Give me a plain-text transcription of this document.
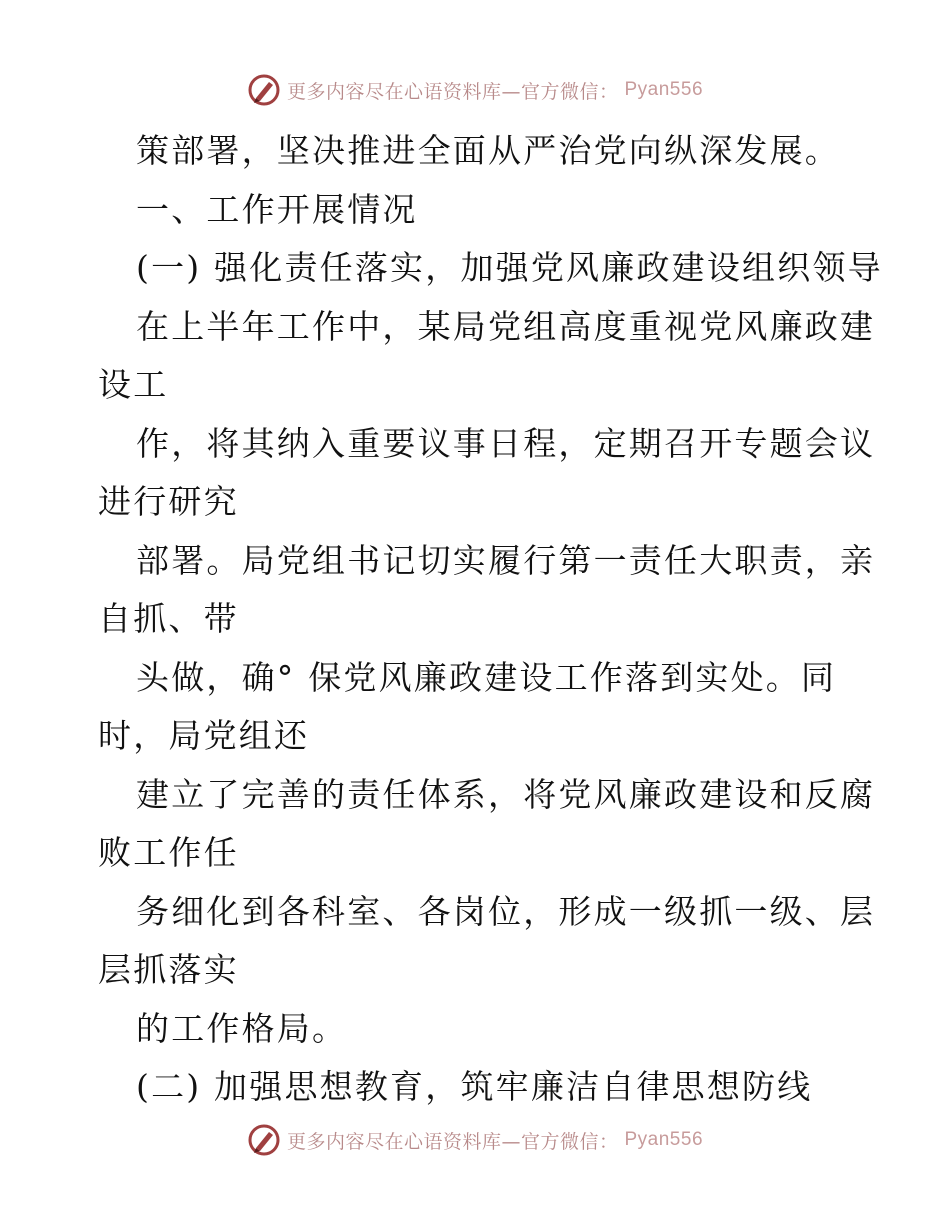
更多内容尽在心语资料库—官方微信： Pyan556
策部署，坚决推进全面从严治党向纵深发展。
一、工作开展情况
(一) 强化责任落实，加强党风廉政建设组织领导
在上半年工作中，某局党组高度重视党风廉政建
设工
作，将其纳入重要议事日程，定期召开专题会议
进行研究
部署。局党组书记切实履行第一责任大职责，亲
自抓、带
头做，确° 保党风廉政建设工作落到实处。同
时，局党组还
建立了完善的责任体系，将党风廉政建设和反腐
败工作任
务细化到各科室、各岗位，形成一级抓一级、层
层抓落实
的工作格局。
(二) 加强思想教育，筑牢廉洁自律思想防线
更多内容尽在心语资料库—官方微信： Pyan556
